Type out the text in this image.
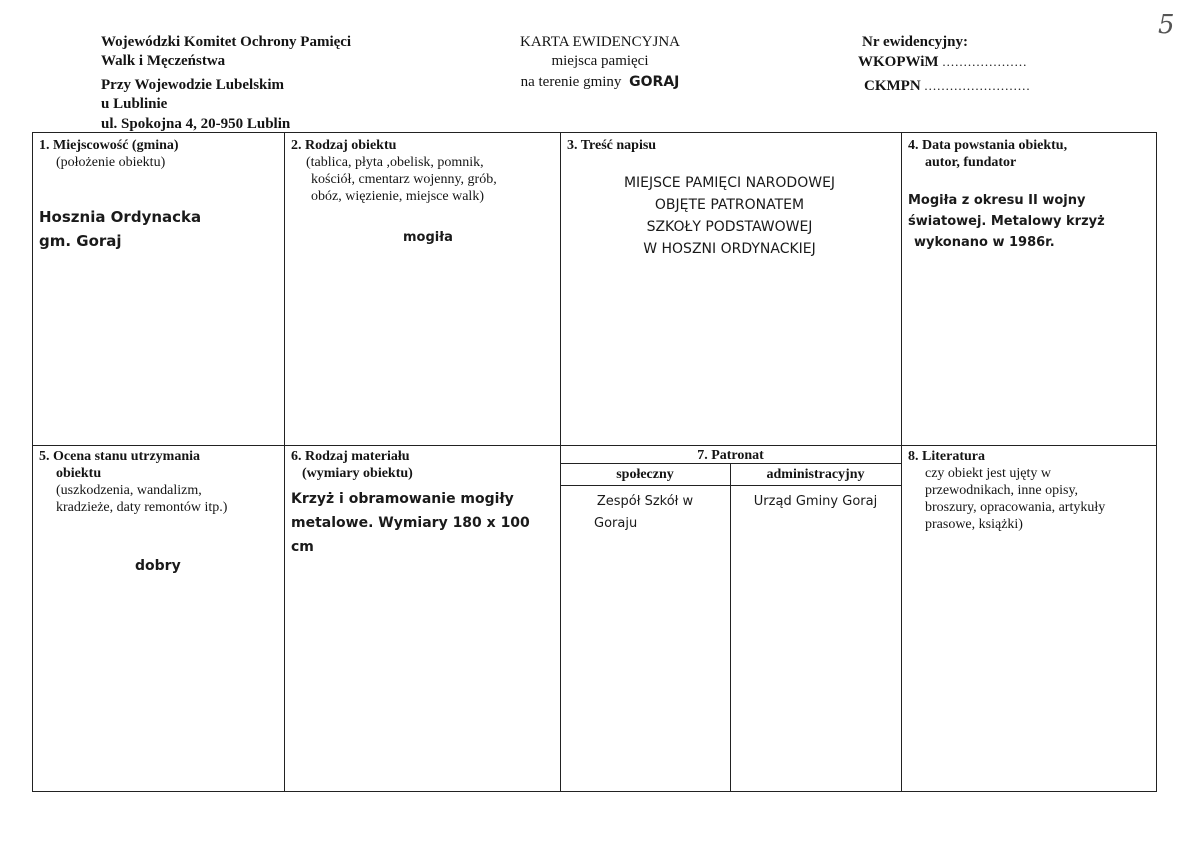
Wojewódzki Komitet Ochrony Pamięci
Walk i Męczeństwa
Przy Wojewodzie Lubelskim
u Lublinie
ul. Spokojna 4, 20-950 Lublin
KARTA EWIDENCYJNA
miejsca pamięci
na terenie gminy GORAJ
Nr ewidencyjny:
WKOPWiM ....................
CKMPN .........................
5
1. Miejscowość (gmina)
(położenie obiektu)
Hosznia Ordynacka
gm. Goraj
2. Rodzaj obiektu
(tablica, płyta ,obelisk, pomnik,
kościół, cmentarz wojenny, grób,
obóz, więzienie, miejsce walk)
mogiła
3. Treść napisu
MIEJSCE PAMIĘCI NARODOWEJ
OBJĘTE PATRONATEM
SZKOŁY PODSTAWOWEJ
W HOSZNI ORDYNACKIEJ
4. Data powstania obiektu,
autor, fundator
Mogiła z okresu II wojny
światowej. Metalowy krzyż
wykonano w 1986r.
5. Ocena stanu utrzymania
obiektu
(uszkodzenia, wandalizm,
kradzieże, daty remontów itp.)
dobry
6. Rodzaj materiału
(wymiary obiektu)
Krzyż i obramowanie mogiły
metalowe. Wymiary 180 x 100
cm
7. Patronat
społeczny	administracyjny
Zespół Szkół w
Goraju
Urząd Gminy Goraj
8. Literatura
czy obiekt jest ujęty w
przewodnikach, inne opisy,
broszury, opracowania, artykuły
prasowe, książki)
